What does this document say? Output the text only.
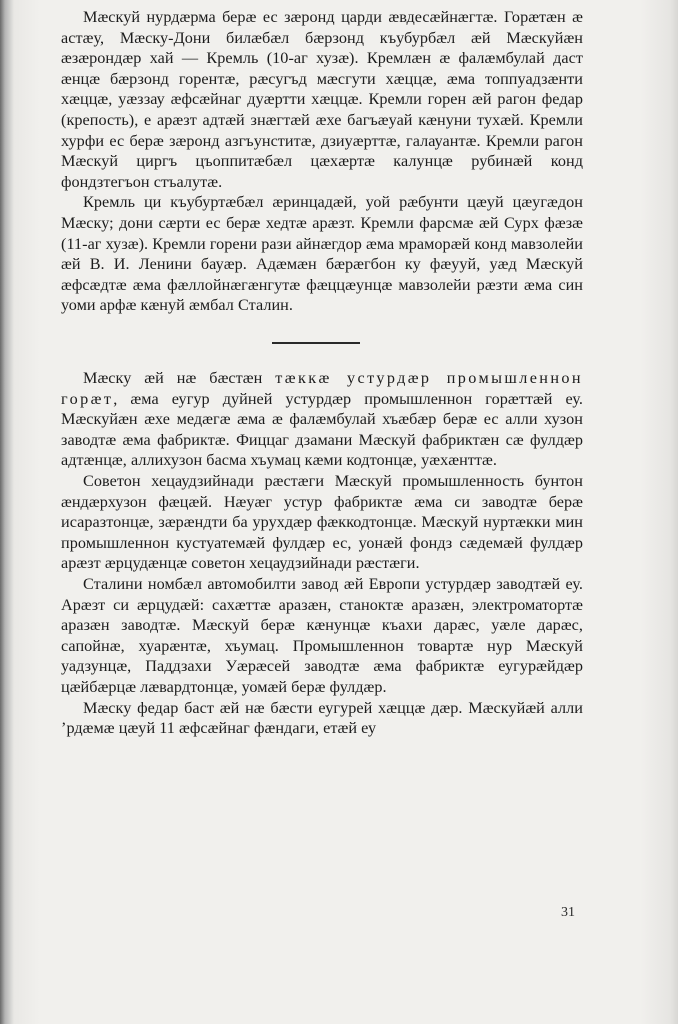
Мæскуй нурдæрма берæ ес зæронд царди æвдесæйнæгтæ. Горæтæн æ астæу, Мæску-Дони билæбæл бæрзонд къубурбæл æй Мæскуйæн æзæрондæр хай — Кремль (10-аг хузæ). Кремлæн æ фалæмбулай даст æнцæ бæрзонд горентæ, рæсугъд мæсгути хæццæ, æма топпуадзæнти хæццæ, уæззау æфсæйнаг дуæртти хæццæ. Кремли горен æй рагон федар (крепость), е арæзт адтæй знæгтæй æхе багъæуай кæнуни тухæй. Кремли хурфи ес берæ зæронд азгъунститæ, дзиуæрттæ, галауантæ. Кремли рагон Мæскуй циргъ цъоппитæбæл цæхæртæ калунцæ рубинæй конд фондзтегъон стъалутæ.

Кремль ци къубуртæбæл æринцадæй, уой рæбунти цæуй цæугæдон Мæску; дони сæрти ес берæ хедтæ арæзт. Кремли фарсмæ æй Сурх фæзæ (11-аг хузæ). Кремли горени рази айнæгдор æма мраморæй конд мавзолейи æй В. И. Ленини бауæр. Адæмæн бæрæгбон ку фæууй, уæд Мæскуй æфсæдтæ æма фæллойнæгæнгутæ фæццæунцæ мавзолейи рæзти æма син уоми арфæ кæнуй æмбал Сталин.

Мæску æй нæ бæстæн тæккæ устурдæр промышленнон горæт, æма еугур дуйней устурдæр промышленнон горæттæй еу. Мæскуйæн æхе медæгæ æма æ фалæмбулай хъæбæр берæ ес алли хузон заводтæ æма фабриктæ. Фиццаг дзамани Мæскуй фабриктæн сæ фулдæр адтæнцæ, аллихузон басма хъумац кæми кодтонцæ, уæхæнттæ.

Советон хецаудзийнади рæстæги Мæскуй промышленность бунтон æндæрхузон фæцæй. Нæуæг устур фабриктæ æма си заводтæ берæ исаразтонцæ, зæрæндти ба урухдæр фæккодтонцæ. Мæскуй нуртæкки мин промышленнон кустуатемæй фулдæр ес, уонæй фондз сæдемæй фулдæр арæзт æрцудæнцæ советон хецаудзийнади рæстæги.

Сталини номбæл автомобилти завод æй Европи устурдæр заводтæй еу. Арæзт си æрцудæй: сахæттæ аразæн, станоктæ аразæн, электроматортæ аразæн заводтæ. Мæскуй берæ кæнунцæ къахи дарæс, уæле дарæс, сапойнæ, хуарæнтæ, хъумац. Промышленнон товартæ нур Мæскуй уадзунцæ, Паддзахи Уæрæсей заводтæ æма фабриктæ еугурæйдæр цæйбæрцæ лæвардтонцæ, уомæй берæ фулдæр.

Мæску федар баст æй нæ бæсти еугурей хæццæ дæр. Мæскуйæй алли ’рдæмæ цæуй 11 æфсæйнаг фæндаги, етæй еу

31
